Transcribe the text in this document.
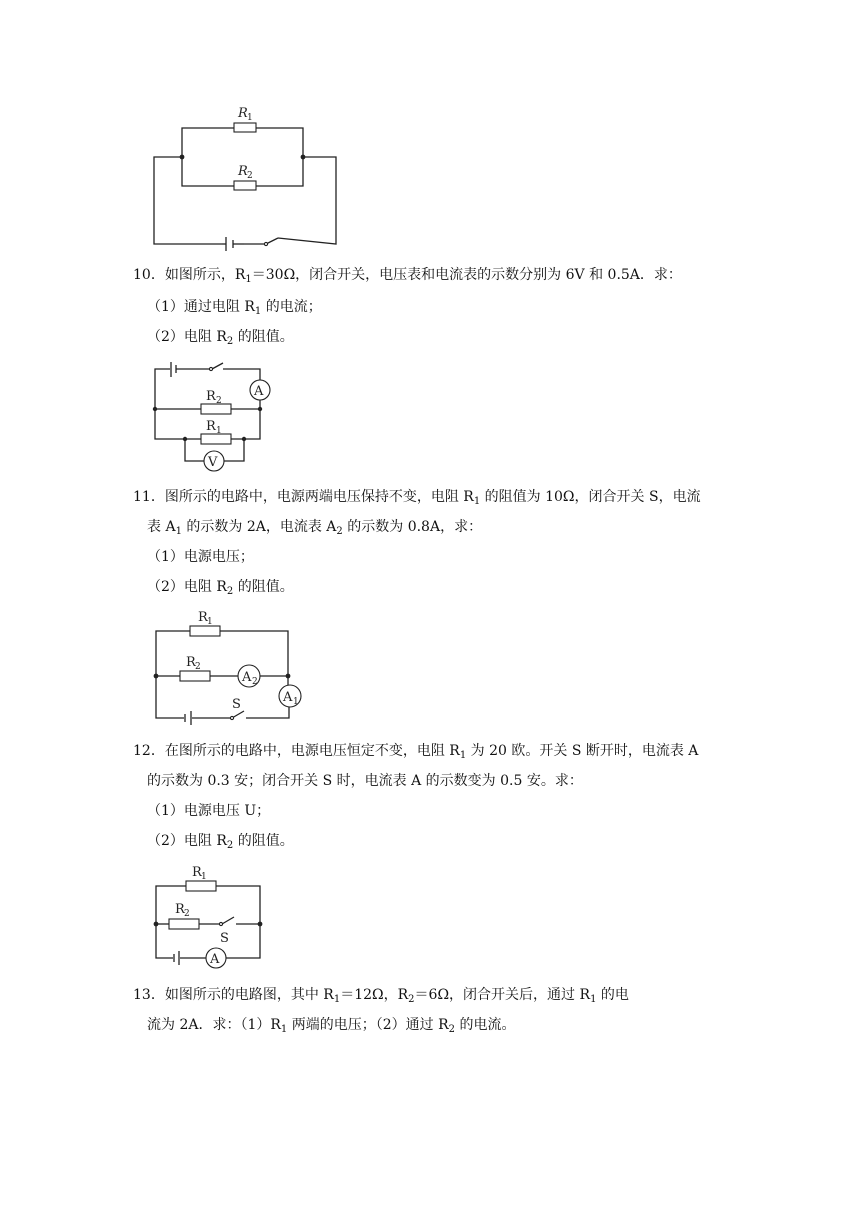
R 1
R 2
10．如图所示，$R_1=30\Omega$，闭合开关，电压表和电流表的示数分别为 6V 和 0.5A．求：
（1）通过电阻 $R_1$ 的电流；
（2）电阻 $R_2$ 的阻值。
A
V
R 2
R 1
11．图所示的电路中，电源两端电压保持不变，电阻 $R_1$ 的阻值为 10Ω，闭合开关 S，电流
表 $A_1$ 的示数为 2A，电流表 $A_2$ 的示数为 0.8A，求：
（1）电源电压；
（2）电阻 $R_2$ 的阻值。
A 2
A 1
S
R 1
R 2
12．在图所示的电路中，电源电压恒定不变，电阻 $R_1$ 为 20 欧。开关 S 断开时，电流表 A
的示数为 0.3 安；闭合开关 S 时，电流表 A 的示数变为 0.5 安。求：
（1）电源电压 U；
（2）电阻 $R_2$ 的阻值。
A
S
R 1
R 2
13．如图所示的电路图，其中 $R_1=12\Omega$，$R_2=6\Omega$，闭合开关后，通过 $R_1$ 的电
流为 2A．求：$(1)R_1$ 两端的电压；（2）通过 $R_2$ 的电流。
